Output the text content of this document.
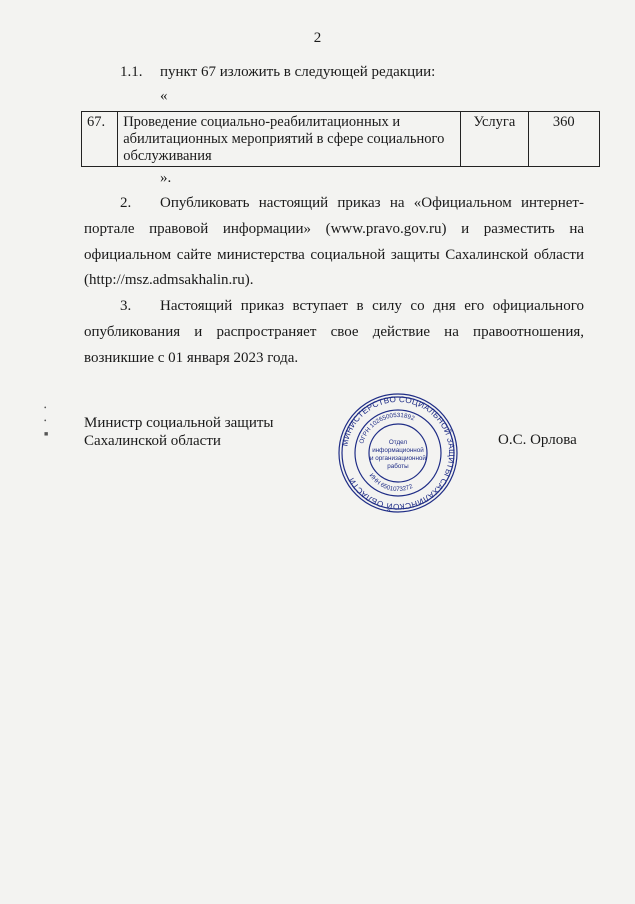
2
1.1. пункт 67 изложить в следующей редакции:
«
67.	Проведение социально-реабилитационных и абилитационных мероприятий в сфере социального обслуживания	Услуга	360
».
2. Опубликовать настоящий приказ на «Официальном интернет-
портале правовой информации» (www.pravo.gov.ru) и разместить на
официальном сайте министерства социальной защиты Сахалинской области
(http://msz.admsakhalin.ru).
3. Настоящий приказ вступает в силу со дня его официального
опубликования и распространяет свое действие на правоотношения,
возникшие с 01 января 2023 года.
•
•
■
Министр социальной защиты
Сахалинской области	О.С. Орлова
МИНИСТЕРСТВО СОЦИАЛЬНОЙ ЗАЩИТЫ САХАЛИНСКОЙ ОБЛАСТИ
ОГРН 1026500531892
ИНН 6501073272
Отдел
информационной
и организационной
работы
